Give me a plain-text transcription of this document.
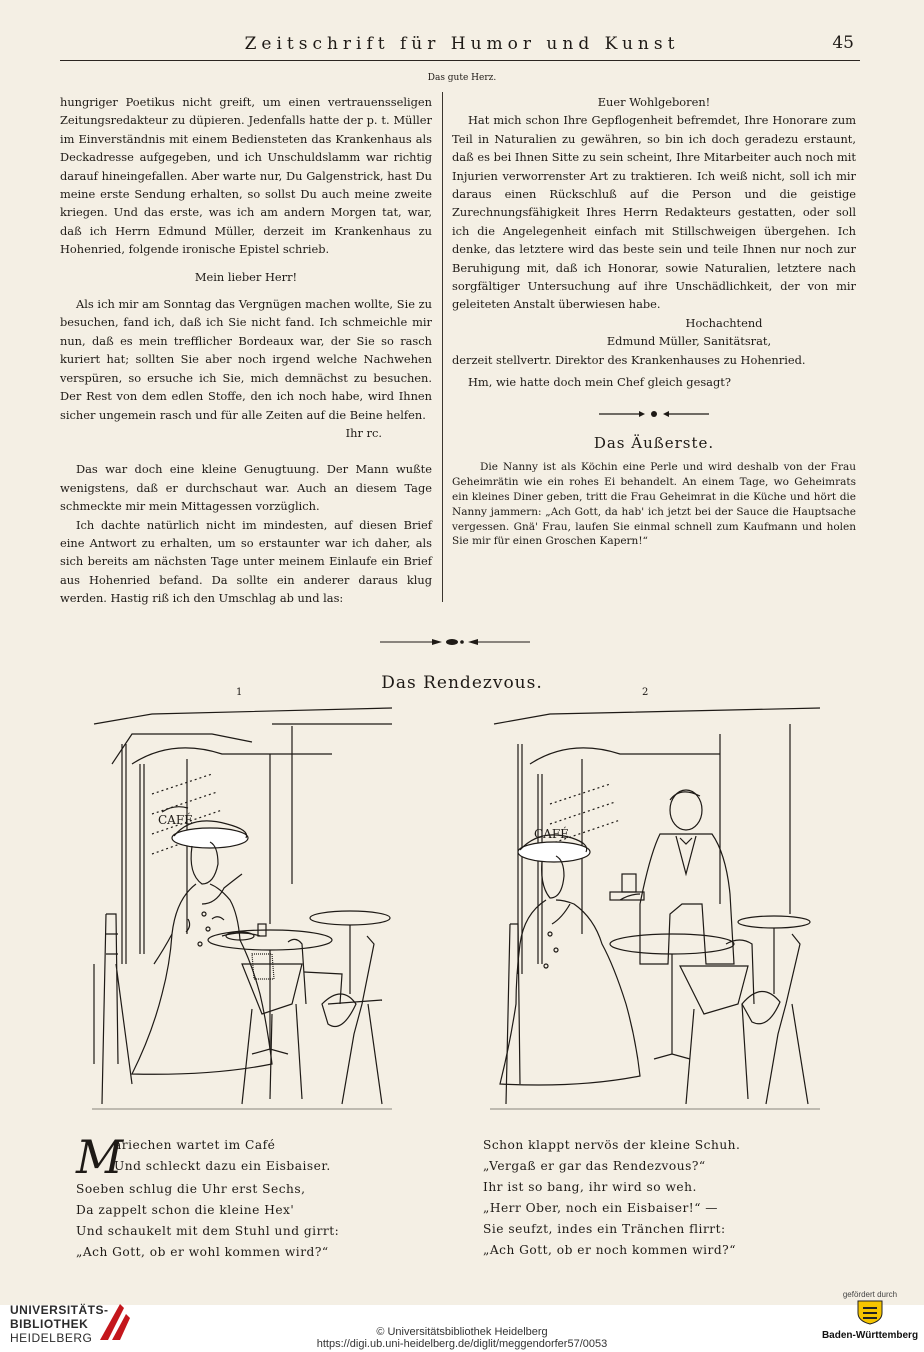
Zeitschrift für Humor und Kunst	45
Das gute Herz.

hungriger Poetikus nicht greift, um einen vertrauensseligen Zeitungsredakteur zu düpieren. Jedenfalls hatte der p. t. Müller im Einverständnis mit einem Bediensteten das Krankenhaus als Deckadresse aufgegeben, und ich Unschuldslamm war richtig darauf hineingefallen. Aber warte nur, Du Galgenstrick, hast Du meine erste Sendung erhalten, so sollst Du auch meine zweite kriegen. Und das erste, was ich am andern Morgen tat, war, daß ich Herrn Edmund Müller, derzeit im Krankenhaus zu Hohenried, folgende ironische Epistel schrieb.

Mein lieber Herr!

Als ich mir am Sonntag das Vergnügen machen wollte, Sie zu besuchen, fand ich, daß ich Sie nicht fand. Ich schmeichle mir nun, daß es mein trefflicher Bordeaux war, der Sie so rasch kuriert hat; sollten Sie aber noch irgend welche Nachwehen verspüren, so ersuche ich Sie, mich demnächst zu besuchen. Der Rest von dem edlen Stoffe, den ich noch habe, wird Ihnen sicher ungemein rasch und für alle Zeiten auf die Beine helfen.

Ihr rc.

Das war doch eine kleine Genugtuung. Der Mann wußte wenigstens, daß er durchschaut war. Auch an diesem Tage schmeckte mir mein Mittagessen vorzüglich.

Ich dachte natürlich nicht im mindesten, auf diesen Brief eine Antwort zu erhalten, um so erstaunter war ich daher, als sich bereits am nächsten Tage unter meinem Einlaufe ein Brief aus Hohenried befand. Da sollte ein anderer daraus klug werden. Hastig riß ich den Umschlag ab und las:

Euer Wohlgeboren!

Hat mich schon Ihre Gepflogenheit befremdet, Ihre Honorare zum Teil in Naturalien zu gewähren, so bin ich doch geradezu erstaunt, daß es bei Ihnen Sitte zu sein scheint, Ihre Mitarbeiter auch noch mit Injurien verworrenster Art zu traktieren. Ich weiß nicht, soll ich mir daraus einen Rückschluß auf die Person und die geistige Zurechnungsfähigkeit Ihres Herrn Redakteurs gestatten, oder soll ich die Angelegenheit einfach mit Stillschweigen übergehen. Ich denke, das letztere wird das beste sein und teile Ihnen nur noch zur Beruhigung mit, daß ich Honorar, sowie Naturalien, letztere nach sorgfältiger Untersuchung auf ihre Unschädlichkeit, der von mir geleiteten Anstalt überwiesen habe.

Hochachtend

Edmund Müller, Sanitätsrat,

derzeit stellvertr. Direktor des Krankenhauses zu Hohenried.

Hm, wie hatte doch mein Chef gleich gesagt?

Das Äußerste.

Die Nanny ist als Köchin eine Perle und wird deshalb von der Frau Geheimrätin wie ein rohes Ei behandelt. An einem Tage, wo Geheimrats ein kleines Diner geben, tritt die Frau Geheimrat in die Küche und hört die Nanny jammern: „Ach Gott, da hab' ich jetzt bei der Sauce die Hauptsache vergessen. Gnä' Frau, laufen Sie einmal schnell zum Kaufmann und holen Sie mir für einen Groschen Kapern!“

Das Rendezvous.
1	2
CAFÉ
CAFÉ
M
ariechen wartet im Café
Und schleckt dazu ein Eisbaiser.
Soeben schlug die Uhr erst Sechs,
Da zappelt schon die kleine Hex'
Und schaukelt mit dem Stuhl und girrt:
„Ach Gott, ob er wohl kommen wird?“
Schon klappt nervös der kleine Schuh.
„Vergaß er gar das Rendezvous?“
Ihr ist so bang, ihr wird so weh.
„Herr Ober, noch ein Eisbaiser!“ —
Sie seufzt, indes ein Tränchen flirrt:
„Ach Gott, ob er noch kommen wird?“
UNIVERSITÄTS-
BIBLIOTHEK
HEIDELBERG
gefördert durch
Baden-Württemberg
© Universitätsbibliothek Heidelberg
https://digi.ub.uni-heidelberg.de/diglit/meggendorfer57/0053
